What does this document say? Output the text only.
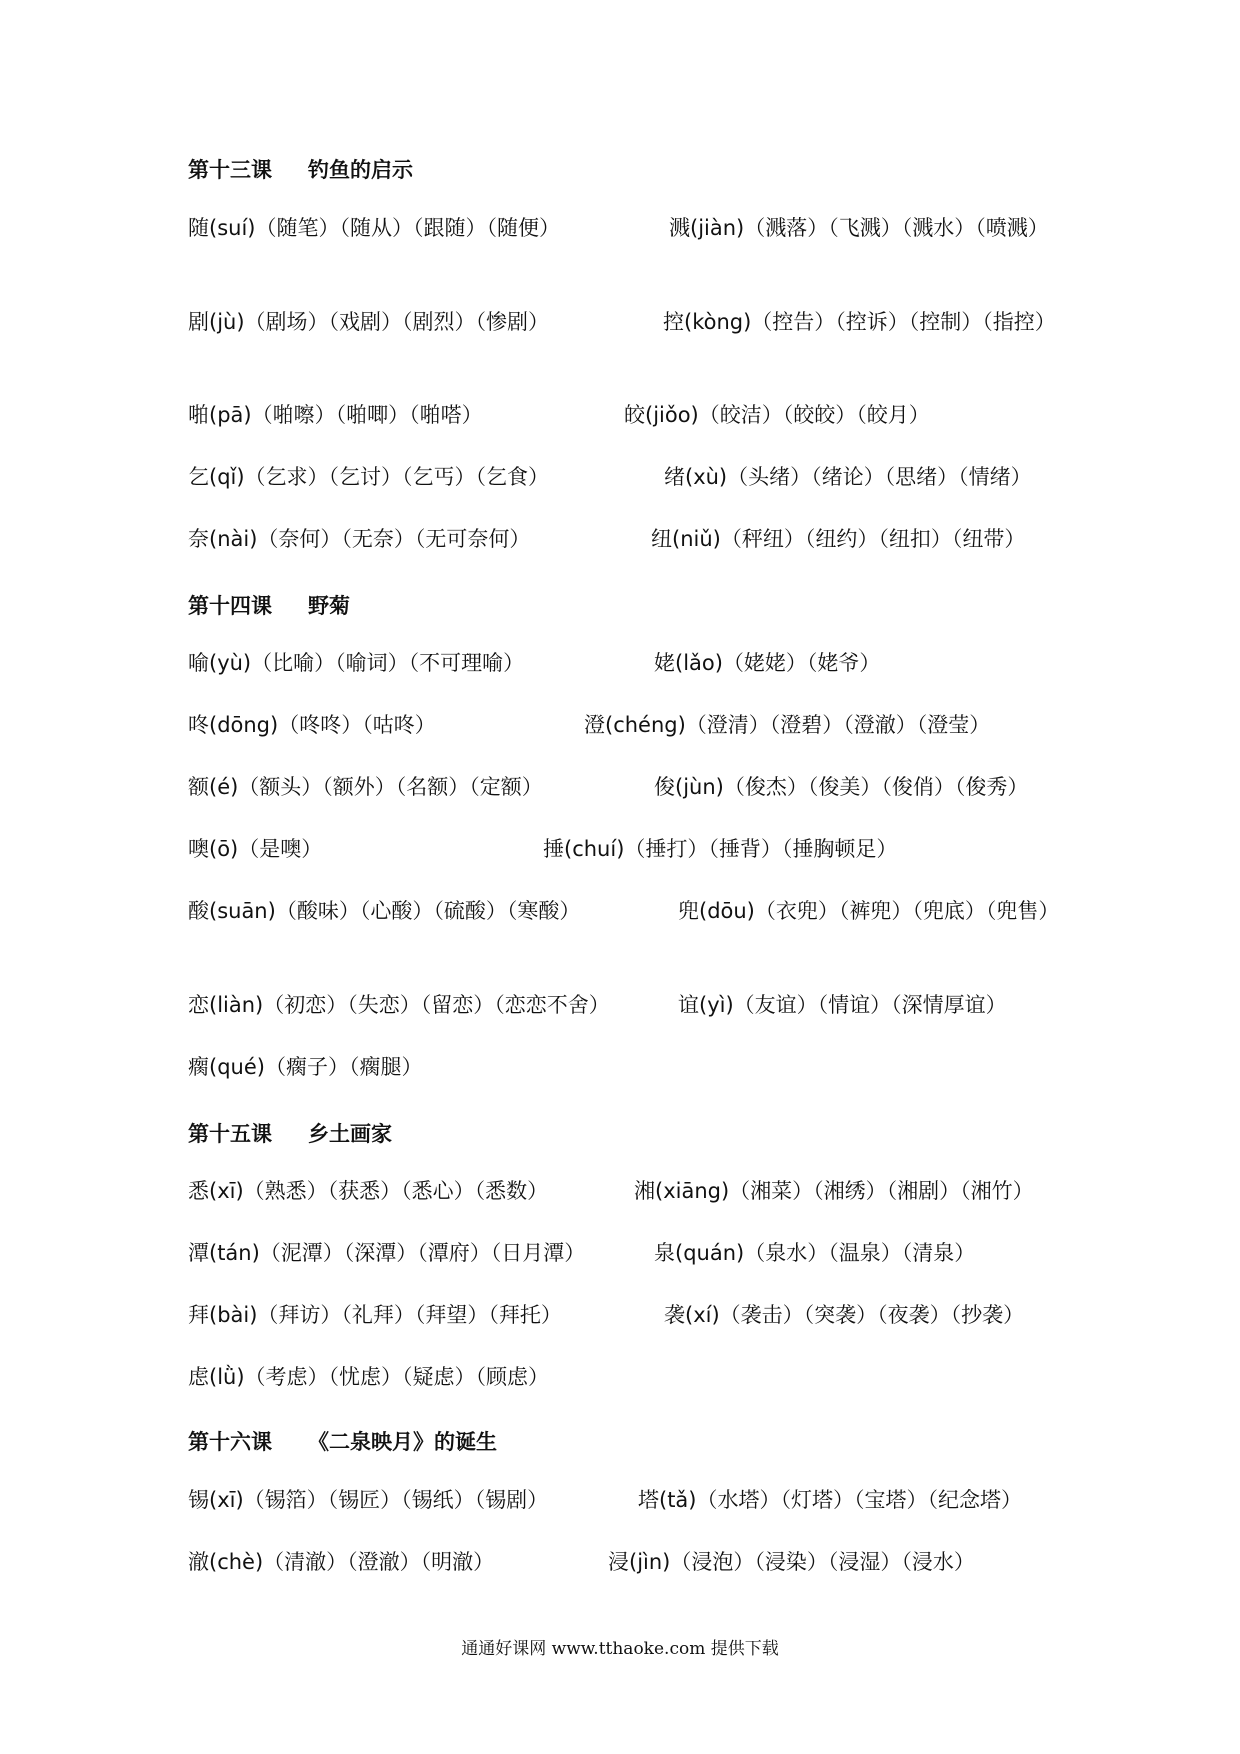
第十三课 钓鱼的启示
随(suí)（随笔）（随从）（跟随）（随便）	溅(jiàn)（溅落）（飞溅）（溅水）（喷溅）
剧(jù)（剧场）（戏剧）（剧烈）（惨剧）	控(kòng)（控告）（控诉）（控制）（指控）
啪(pā)（啪嚓）（啪唧）（啪嗒）	皎(jiǒo)（皎洁）（皎皎）（皎月）
乞(qǐ)（乞求）（乞讨）（乞丐）（乞食）	绪(xù)（头绪）（绪论）（思绪）（情绪）
奈(nài)（奈何）（无奈）（无可奈何）	纽(niǔ)（秤纽）（纽约）（纽扣）（纽带）
第十四课 野菊
喻(yù)（比喻）（喻词）（不可理喻）	姥(lǎo)（姥姥）（姥爷）
咚(dōng)（咚咚）（咕咚）	澄(chéng)（澄清）（澄碧）（澄澈）（澄莹）
额(é)（额头）（额外）（名额）（定额）	俊(jùn)（俊杰）（俊美）（俊俏）（俊秀）
噢(ō)（是噢）	捶(chuí)（捶打）（捶背）（捶胸顿足）
酸(suān)（酸味）（心酸）（硫酸）（寒酸）	兜(dōu)（衣兜）（裤兜）（兜底）（兜售）
恋(liàn)（初恋）（失恋）（留恋）（恋恋不舍）	谊(yì)（友谊）（情谊）（深情厚谊）
瘸(qué)（瘸子）（瘸腿）
第十五课 乡土画家
悉(xī)（熟悉）（获悉）（悉心）（悉数）	湘(xiāng)（湘菜）（湘绣）（湘剧）（湘竹）
潭(tán)（泥潭）（深潭）（潭府）（日月潭）	泉(quán)（泉水）（温泉）（清泉）
拜(bài)（拜访）（礼拜）（拜望）（拜托）	袭(xí)（袭击）（突袭）（夜袭）（抄袭）
虑(lǜ)（考虑）（忧虑）（疑虑）（顾虑）
第十六课 《二泉映月》的诞生
锡(xī)（锡箔）（锡匠）（锡纸）（锡剧）	塔(tǎ)（水塔）（灯塔）（宝塔）（纪念塔）
澈(chè)（清澈）（澄澈）（明澈）	浸(jìn)（浸泡）（浸染）（浸湿）（浸水）
通通好课网 www.tthaoke.com 提供下载
